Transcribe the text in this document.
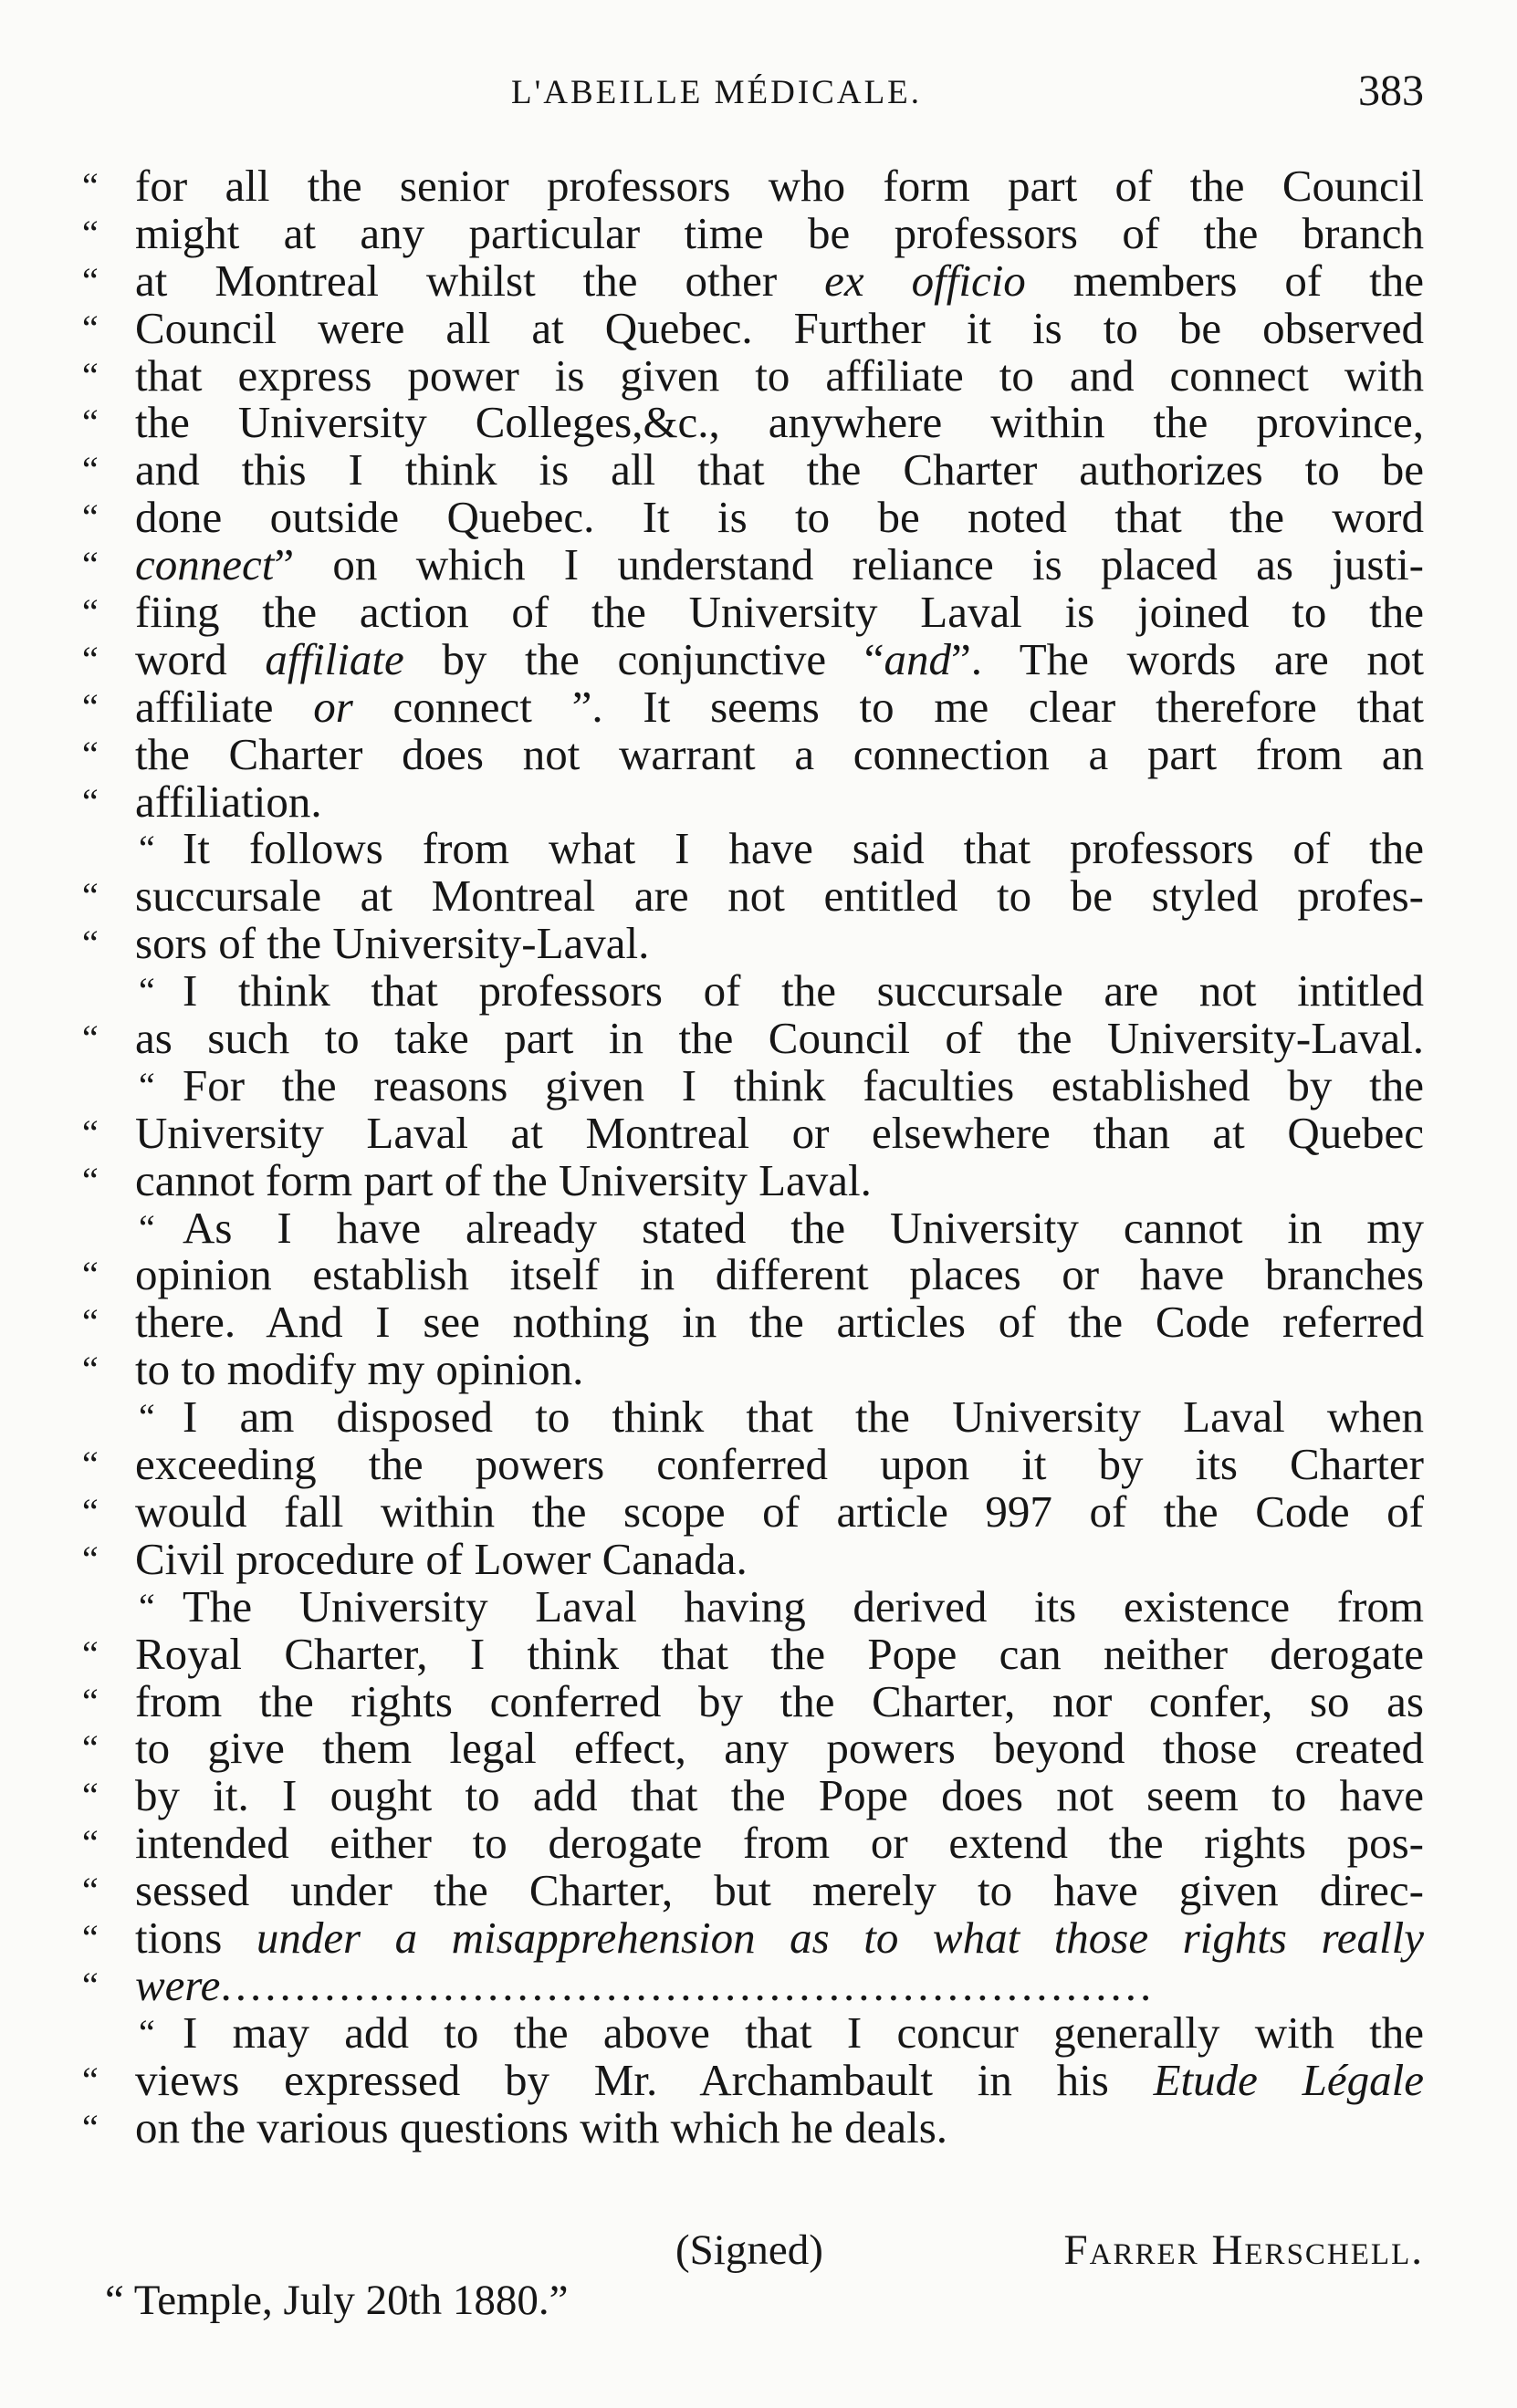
L'ABEILLE MÉDICALE.	383
“ for all the senior professors who form part of the Council
“ might at any particular time be professors of the branch
“ at Montreal whilst the other ex officio members of the
“ Council were all at Quebec. Further it is to be observed
“ that express power is given to affiliate to and connect with
“ the University Colleges,&c., anywhere within the province,
“ and this I think is all that the Charter authorizes to be
“ done outside Quebec. It is to be noted that the word
“ connect” on which I understand reliance is placed as justi-
“ fiing the action of the University Laval is joined to the
“ word affiliate by the conjunctive “and”. The words are not
“ affiliate or connect ”. It seems to me clear therefore that
“ the Charter does not warrant a connection a part from an
“ affiliation.
“ It follows from what I have said that professors of the
“ succursale at Montreal are not entitled to be styled profes-
“ sors of the University-Laval.
“ I think that professors of the succursale are not intitled
“ as such to take part in the Council of the University-Laval.
“ For the reasons given I think faculties established by the
“ University Laval at Montreal or elsewhere than at Quebec
“ cannot form part of the University Laval.
“ As I have already stated the University cannot in my
“ opinion establish itself in different places or have branches
“ there. And I see nothing in the articles of the Code referred
“ to to modify my opinion.
“ I am disposed to think that the University Laval when
“ exceeding the powers conferred upon it by its Charter
“ would fall within the scope of article 997 of the Code of
“ Civil procedure of Lower Canada.
“ The University Laval having derived its existence from
“ Royal Charter, I think that the Pope can neither derogate
“ from the rights conferred by the Charter, nor confer, so as
“ to give them legal effect, any powers beyond those created
“ by it. I ought to add that the Pope does not seem to have
“ intended either to derogate from or extend the rights pos-
“ sessed under the Charter, but merely to have given direc-
“ tions under a misapprehension as to what those rights really
“ were...............................................................
“ I may add to the above that I concur generally with the
“ views expressed by Mr. Archambault in his Etude Légale
“ on the various questions with which he deals.
(Signed)	Farrer Herschell.
“ Temple, July 20th 1880.”
